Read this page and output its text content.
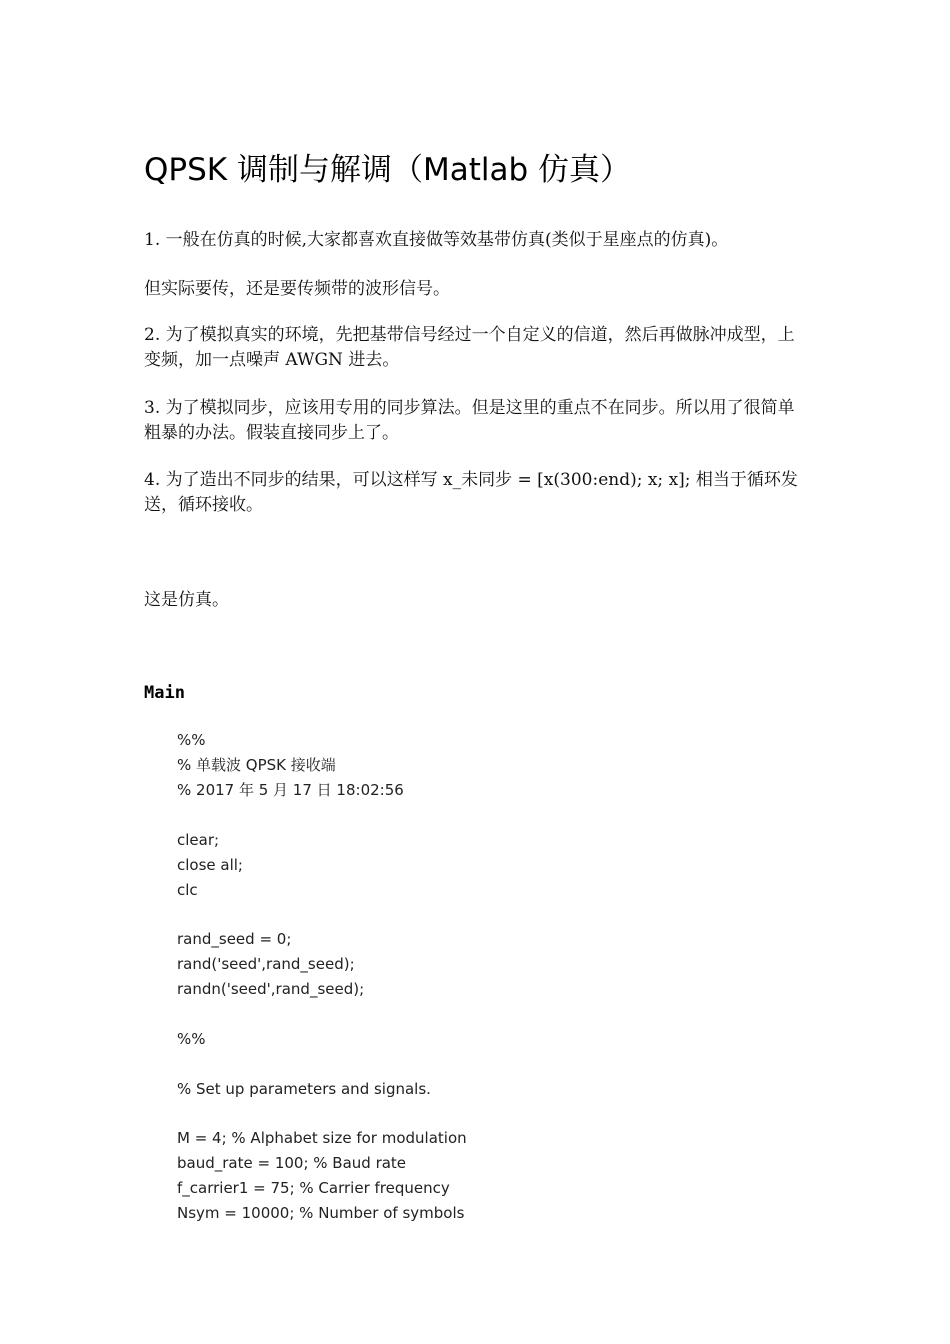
QPSK 调制与解调（Matlab 仿真）

1. 一般在仿真的时候,大家都喜欢直接做等效基带仿真(类似于星座点的仿真)。

但实际要传，还是要传频带的波形信号。

2. 为了模拟真实的环境，先把基带信号经过一个自定义的信道，然后再做脉冲成型，上变频，加一点噪声 AWGN 进去。

3. 为了模拟同步，应该用专用的同步算法。但是这里的重点不在同步。所以用了很简单粗暴的办法。假装直接同步上了。

4. 为了造出不同步的结果，可以这样写 x_未同步 = [x(300:end); x; x]; 相当于循环发送，循环接收。

这是仿真。

Main
%%
% 单载波 QPSK 接收端
% 2017 年 5 月 17 日 18:02:56
clear;
close all;
clc
rand_seed = 0;
rand('seed',rand_seed);
randn('seed',rand_seed);
%%
% Set up parameters and signals.
M = 4; % Alphabet size for modulation
baud_rate = 100; % Baud rate
f_carrier1 = 75; % Carrier frequency
Nsym = 10000; % Number of symbols
